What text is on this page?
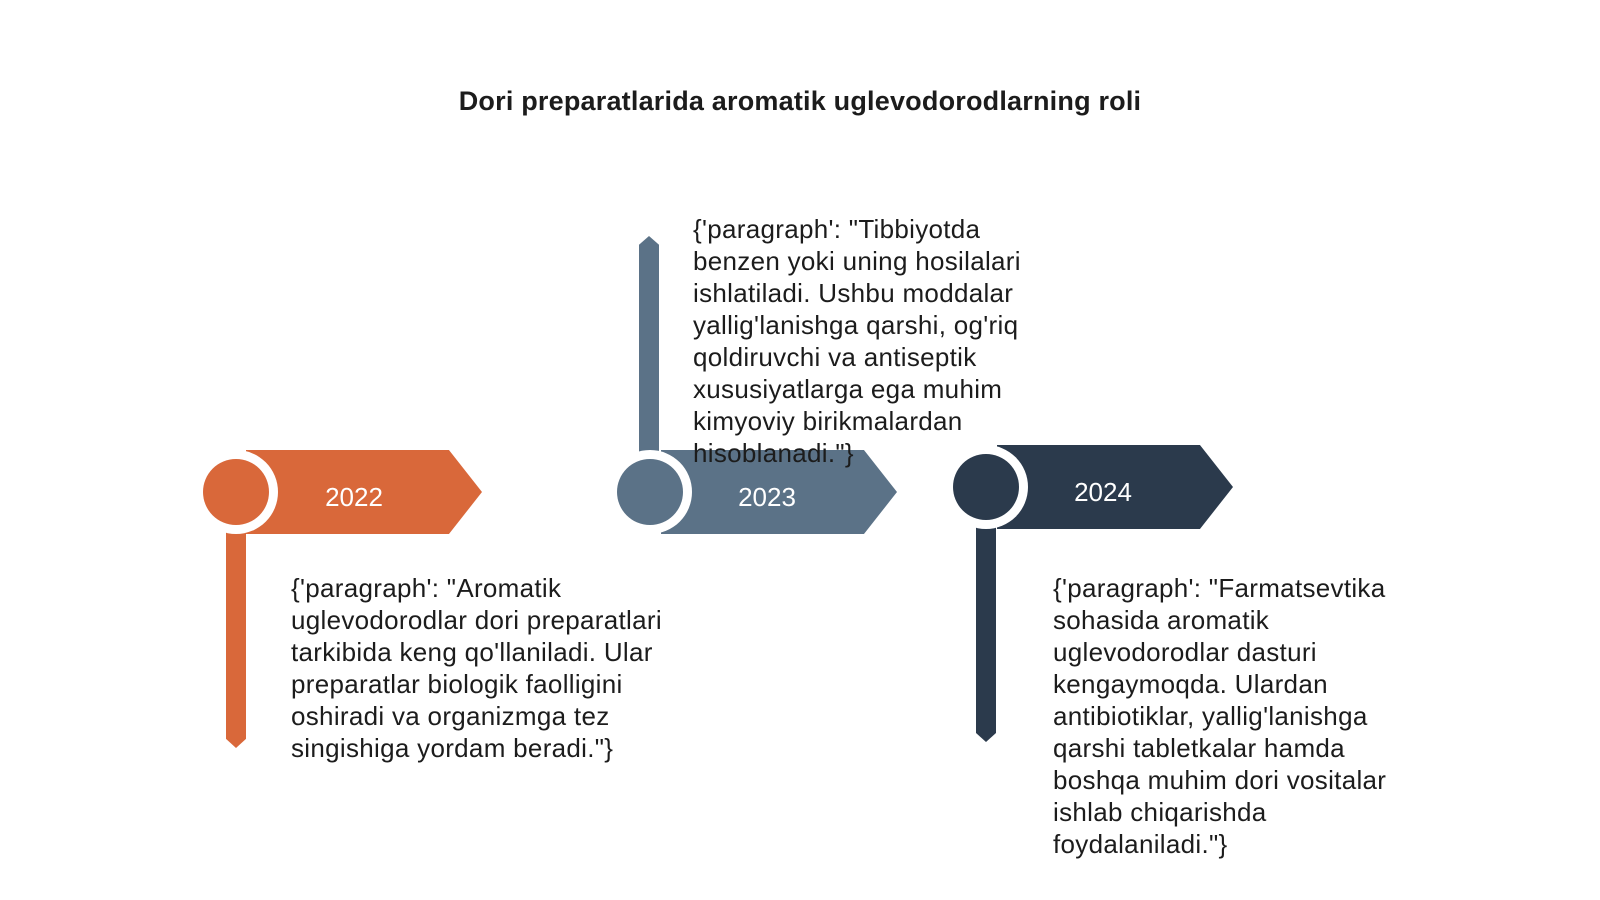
Dori preparatlarida aromatik uglevodorodlarning roli
2022
{'paragraph': "Aromatik uglevodorodlar dori preparatlari tarkibida keng qo'llaniladi. Ular preparatlar biologik faolligini oshiradi va organizmga tez singishiga yordam beradi."}
2023
{'paragraph': "Tibbiyotda benzen yoki uning hosilalari ishlatiladi. Ushbu moddalar yallig'lanishga qarshi, og'riq qoldiruvchi va antiseptik xususiyatlarga ega muhim kimyoviy birikmalardan hisoblanadi."}
2024
{'paragraph': "Farmatsevtika sohasida aromatik uglevodorodlar dasturi kengaymoqda. Ulardan antibiotiklar, yallig'lanishga qarshi tabletkalar hamda boshqa muhim dori vositalar ishlab chiqarishda foydalaniladi."}
